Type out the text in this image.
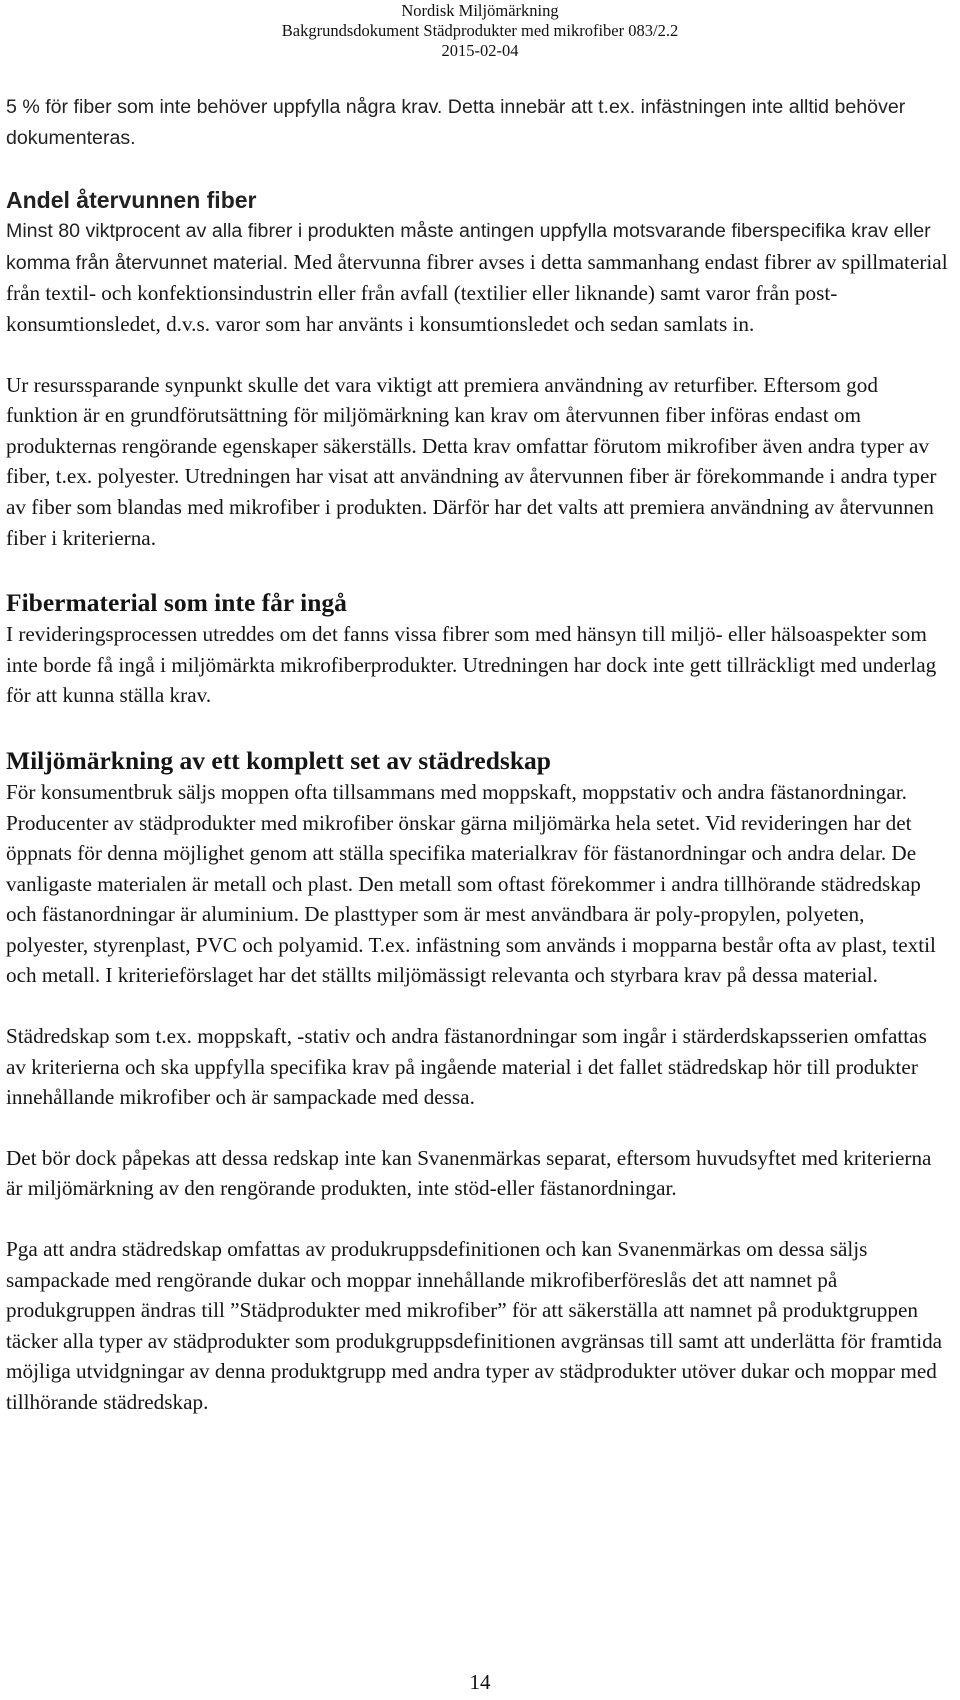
Nordisk Miljömärkning
Bakgrundsdokument Städprodukter med mikrofiber 083/2.2
2015-02-04

5 % för fiber som inte behöver uppfylla några krav. Detta innebär att t.ex. infästningen inte alltid behöver dokumenteras.

Andel återvunnen fiber

Minst 80 viktprocent av alla fibrer i produkten måste antingen uppfylla motsvarande fiberspecifika krav eller komma från återvunnet material. Med återvunna fibrer avses i detta sammanhang endast fibrer av spillmaterial från textil- och konfektionsindustrin eller från avfall (textilier eller liknande) samt varor från post-konsumtionsledet, d.v.s. varor som har använts i konsumtionsledet och sedan samlats in.

Ur resurssparande synpunkt skulle det vara viktigt att premiera användning av returfiber. Eftersom god funktion är en grundförutsättning för miljömärkning kan krav om återvunnen fiber införas endast om produkternas rengörande egenskaper säkerställs. Detta krav omfattar förutom mikrofiber även andra typer av fiber, t.ex. polyester. Utredningen har visat att användning av återvunnen fiber är förekommande i andra typer av fiber som blandas med mikrofiber i produkten. Därför har det valts att premiera användning av återvunnen fiber i kriterierna.

Fibermaterial som inte får ingå

I revideringsprocessen utreddes om det fanns vissa fibrer som med hänsyn till miljö- eller hälsoaspekter som inte borde få ingå i miljömärkta mikrofiberprodukter. Utredningen har dock inte gett tillräckligt med underlag för att kunna ställa krav.

Miljömärkning av ett komplett set av städredskap

För konsumentbruk säljs moppen ofta tillsammans med moppskaft, moppstativ och andra fästanordningar. Producenter av städprodukter med mikrofiber önskar gärna miljömärka hela setet. Vid revideringen har det öppnats för denna möjlighet genom att ställa specifika materialkrav för fästanordningar och andra delar. De vanligaste materialen är metall och plast. Den metall som oftast förekommer i andra tillhörande städredskap och fästanordningar är aluminium. De plasttyper som är mest användbara är poly-propylen, polyeten, polyester, styrenplast, PVC och polyamid. T.ex. infästning som används i mopparna består ofta av plast, textil och metall. I kriterieförslaget har det ställts miljömässigt relevanta och styrbara krav på dessa material.

Städredskap som t.ex. moppskaft, -stativ och andra fästanordningar som ingår i stärderdskapsserien omfattas av kriterierna och ska uppfylla specifika krav på ingående material i det fallet städredskap hör till produkter innehållande mikrofiber och är sampackade med dessa.

Det bör dock påpekas att dessa redskap inte kan Svanenmärkas separat, eftersom huvudsyftet med kriterierna är miljömärkning av den rengörande produkten, inte stöd-eller fästanordningar.

Pga att andra städredskap omfattas av produkruppsdefinitionen och kan Svanenmärkas om dessa säljs sampackade med rengörande dukar och moppar innehållande mikrofiberföreslås det att namnet på produkgruppen ändras till ”Städprodukter med mikrofiber” för att säkerställa att namnet på produktgruppen täcker alla typer av städprodukter som produkgruppsdefinitionen avgränsas till samt att underlätta för framtida möjliga utvidgningar av denna produktgrupp med andra typer av städprodukter utöver dukar och moppar med tillhörande städredskap.

14
